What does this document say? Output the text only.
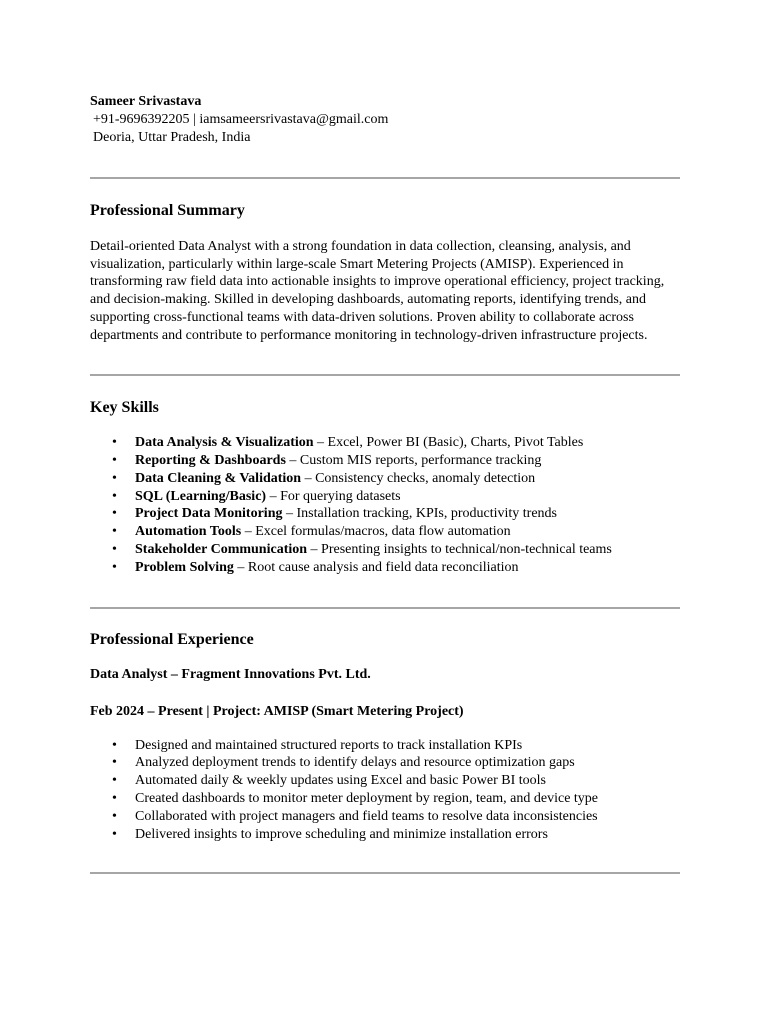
Sameer Srivastava

+91-9696392205 | iamsameersrivastava@gmail.com

Deoria, Uttar Pradesh, India

Professional Summary

Detail-oriented Data Analyst with a strong foundation in data collection, cleansing, analysis, and visualization, particularly within large-scale Smart Metering Projects (AMISP). Experienced in transforming raw field data into actionable insights to improve operational efficiency, project tracking, and decision-making. Skilled in developing dashboards, automating reports, identifying trends, and supporting cross-functional teams with data-driven solutions. Proven ability to collaborate across departments and contribute to performance monitoring in technology-driven infrastructure projects.

Key Skills
• Data Analysis & Visualization – Excel, Power BI (Basic), Charts, Pivot Tables
• Reporting & Dashboards – Custom MIS reports, performance tracking
• Data Cleaning & Validation – Consistency checks, anomaly detection
• SQL (Learning/Basic) – For querying datasets
• Project Data Monitoring – Installation tracking, KPIs, productivity trends
• Automation Tools – Excel formulas/macros, data flow automation
• Stakeholder Communication – Presenting insights to technical/non-technical teams
• Problem Solving – Root cause analysis and field data reconciliation
Professional Experience

Data Analyst – Fragment Innovations Pvt. Ltd.

Feb 2024 – Present | Project: AMISP (Smart Metering Project)

• Designed and maintained structured reports to track installation KPIs
• Analyzed deployment trends to identify delays and resource optimization gaps
• Automated daily & weekly updates using Excel and basic Power BI tools
• Created dashboards to monitor meter deployment by region, team, and device type
• Collaborated with project managers and field teams to resolve data inconsistencies
• Delivered insights to improve scheduling and minimize installation errors
